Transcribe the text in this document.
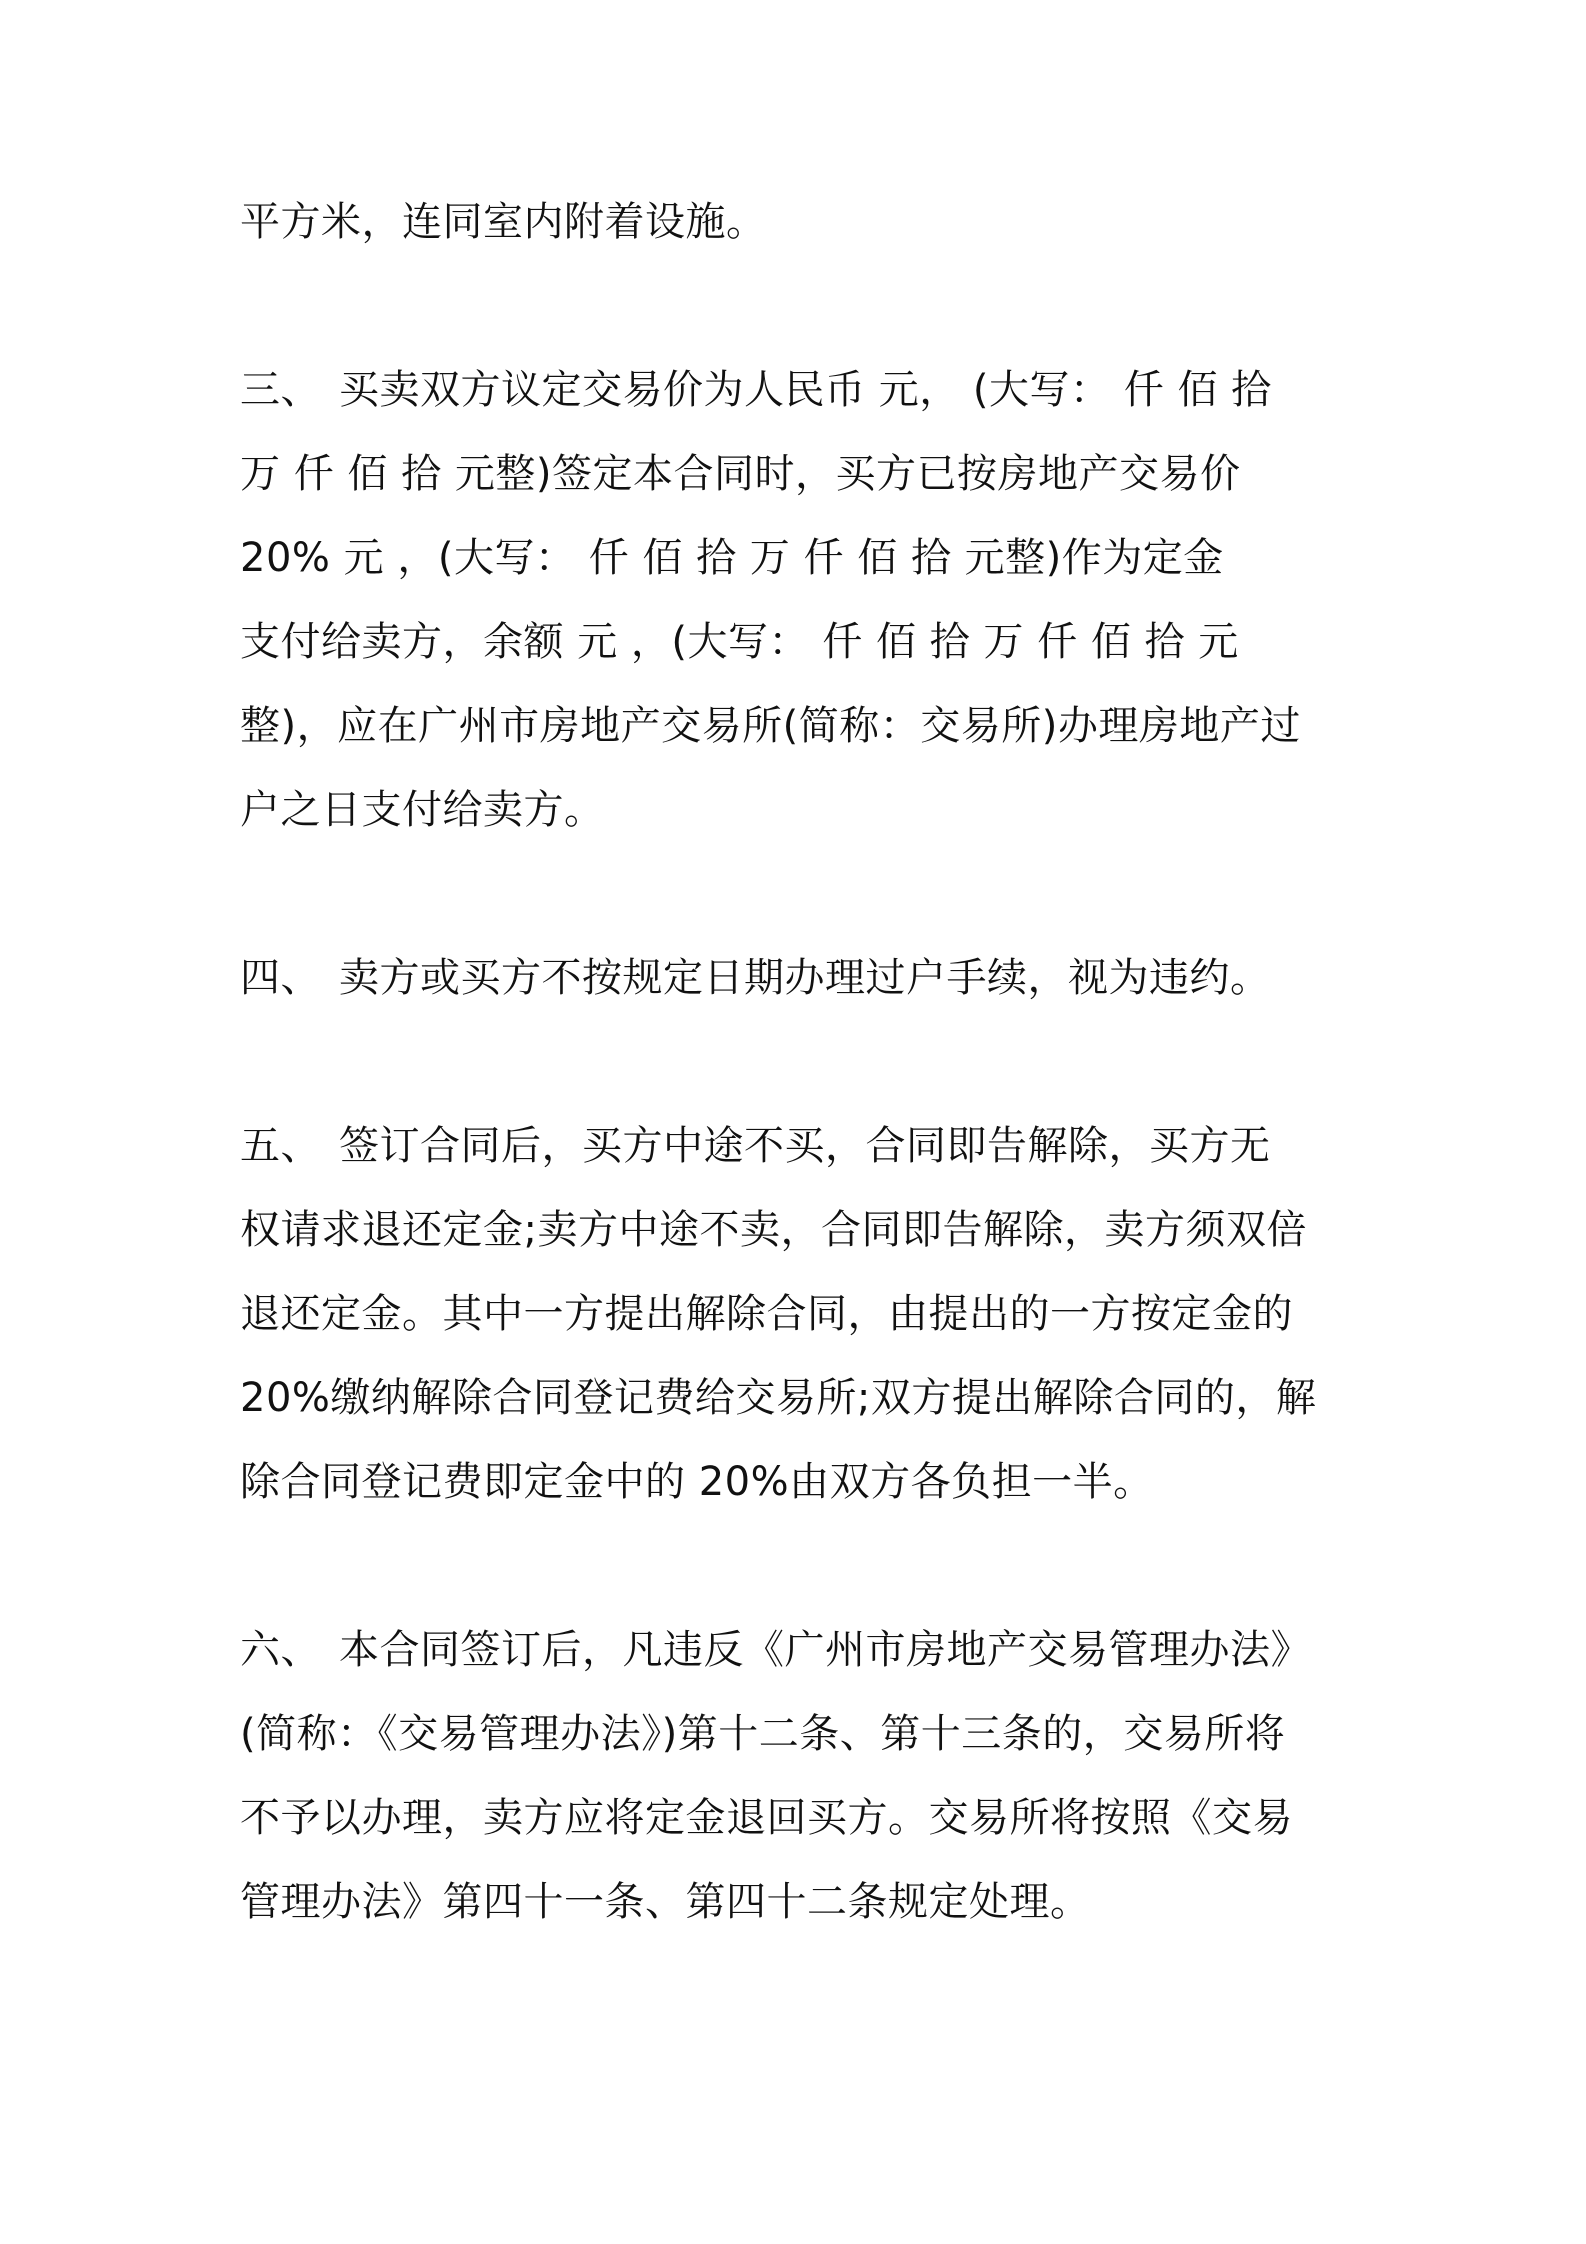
平方米，连同室内附着设施。

三、 买卖双方议定交易价为人民币 元， (大写： 仟 佰 拾
万 仟 佰 拾 元整)签定本合同时，买方已按房地产交易价
20% 元 ，(大写： 仟 佰 拾 万 仟 佰 拾 元整)作为定金
支付给卖方，余额 元 ，(大写： 仟 佰 拾 万 仟 佰 拾 元
整)，应在广州市房地产交易所(简称：交易所)办理房地产过
户之日支付给卖方。

四、 卖方或买方不按规定日期办理过户手续，视为违约。

五、 签订合同后，买方中途不买，合同即告解除，买方无
权请求退还定金;卖方中途不卖，合同即告解除，卖方须双倍
退还定金。其中一方提出解除合同，由提出的一方按定金的
20%缴纳解除合同登记费给交易所;双方提出解除合同的，解
除合同登记费即定金中的 20%由双方各负担一半。

六、 本合同签订后，凡违反《广州市房地产交易管理办法》
(简称：《交易管理办法》)第十二条、第十三条的，交易所将
不予以办理，卖方应将定金退回买方。交易所将按照《交易
管理办法》第四十一条、第四十二条规定处理。
